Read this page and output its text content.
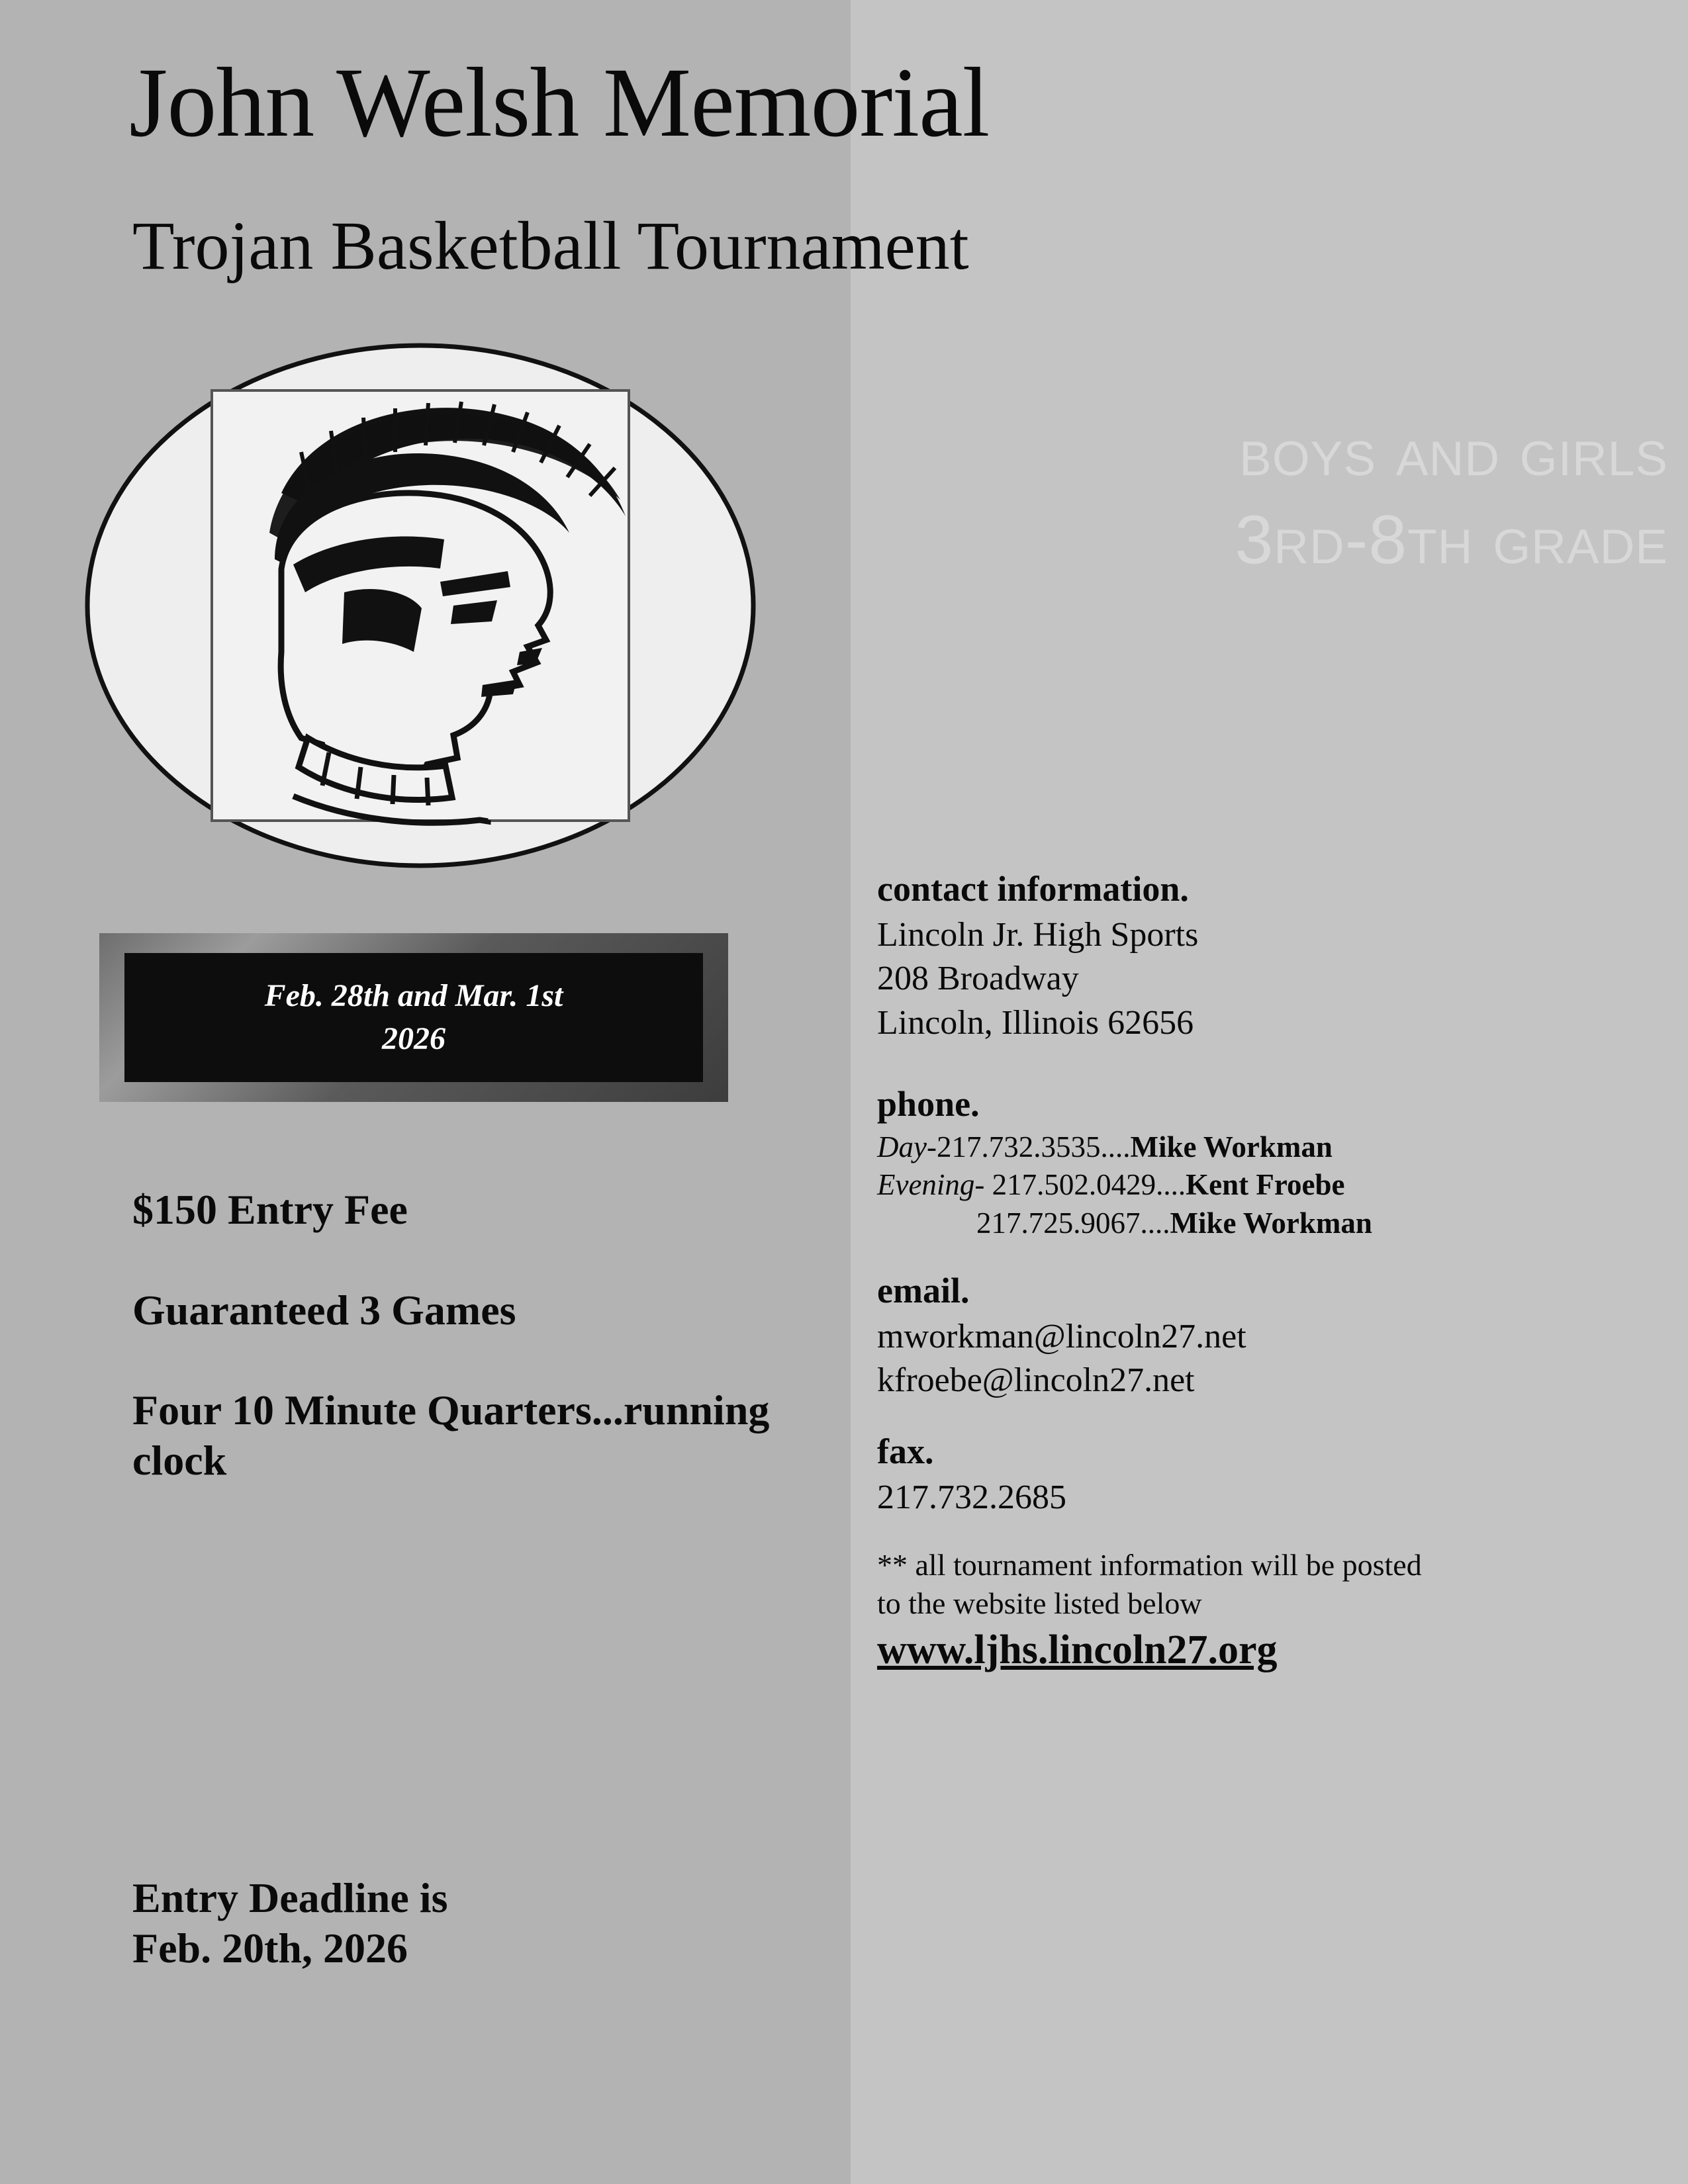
John Welsh Memorial
Trojan Basketball Tournament
Feb. 28th and Mar. 1st
2026
$150 Entry Fee
Guaranteed 3 Games
Four 10 Minute Quarters...running clock
Entry Deadline is
Feb. 20th, 2026
boys and girls
3rd-8th grade
contact information.
Lincoln Jr. High Sports
208 Broadway
Lincoln, Illinois 62656
phone.
Day-217.732.3535....Mike Workman
Evening- 217.502.0429....Kent Froebe
217.725.9067....Mike Workman
email.
mworkman@lincoln27.net
kfroebe@lincoln27.net
fax.
217.732.2685
** all tournament information will be posted
to the website listed below
www.ljhs.lincoln27.org
